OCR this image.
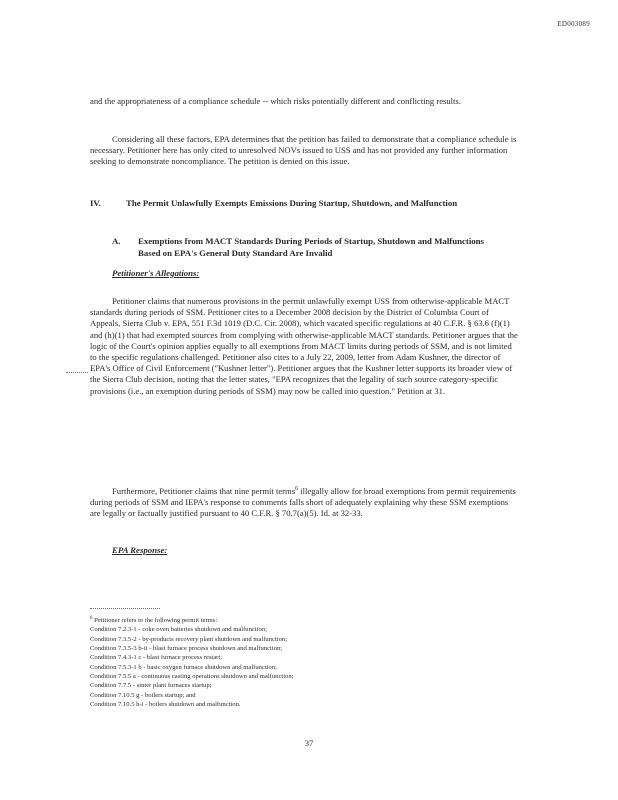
ED003089
and the appropriateness of a compliance schedule -- which risks potentially different and conflicting results.
Considering all these factors, EPA determines that the petition has failed to demonstrate that a compliance schedule is necessary. Petitioner here has only cited to unresolved NOVs issued to USS and has not provided any further information seeking to demonstrate noncompliance. The petition is denied on this issue.
IV.	The Permit Unlawfully Exempts Emissions During Startup, Shutdown, and Malfunction
A. Exemptions from MACT Standards During Periods of Startup, Shutdown and Malfunctions Based on EPA's General Duty Standard Are Invalid
Petitioner's Allegations:
Petitioner claims that numerous provisions in the permit unlawfully exempt USS from otherwise-applicable MACT standards during periods of SSM. Petitioner cites to a December 2008 decision by the District of Columbia Court of Appeals, Sierra Club v. EPA, 551 F.3d 1019 (D.C. Cir. 2008), which vacated specific regulations at 40 C.F.R. § 63.6 (f)(1) and (h)(1) that had exempted sources from complying with otherwise-applicable MACT standards. Petitioner argues that the logic of the Court's opinion applies equally to all exemptions from MACT limits during periods of SSM, and is not limited to the specific regulations challenged. Petitioner also cites to a July 22, 2009, letter from Adam Kushner, the director of EPA's Office of Civil Enforcement ("Kushner letter"). Petitioner argues that the Kushner letter supports its broader view of the Sierra Club decision, noting that the letter states, "EPA recognizes that the legality of such source category-specific provisions (i.e., an exemption during periods of SSM) may now be called into question." Petition at 31.
Furthermore, Petitioner claims that nine permit terms$^6$ illegally allow for broad exemptions from permit requirements during periods of SSM and IEPA's response to comments falls short of adequately explaining why these SSM exemptions are legally or factually justified pursuant to 40 C.F.R. § 70.7(a)(5). Id. at 32-33.
EPA Response:
$^6$ Petitioner refers to the following permit terms:
Condition 7.2.3-1 - coke oven batteries shutdown and malfunction;
Condition 7.3.5-2 - by-products recovery plant shutdown and malfunction;
Condition 7.3.5-3 b-ii - blast furnace process shutdown and malfunction;
Condition 7.4.3-1 c - blast furnace process restart;
Condition 7.5.3-1 b - basic oxygen furnace shutdown and malfunction;
Condition 7.5.5 a - continuous casting operations shutdown and malfunction;
Condition 7.7.5 - sinter plant furnaces startup;
Condition 7.10.5 g - boilers startup; and
Condition 7.10.5 h-i - boilers shutdown and malfunction.
37
